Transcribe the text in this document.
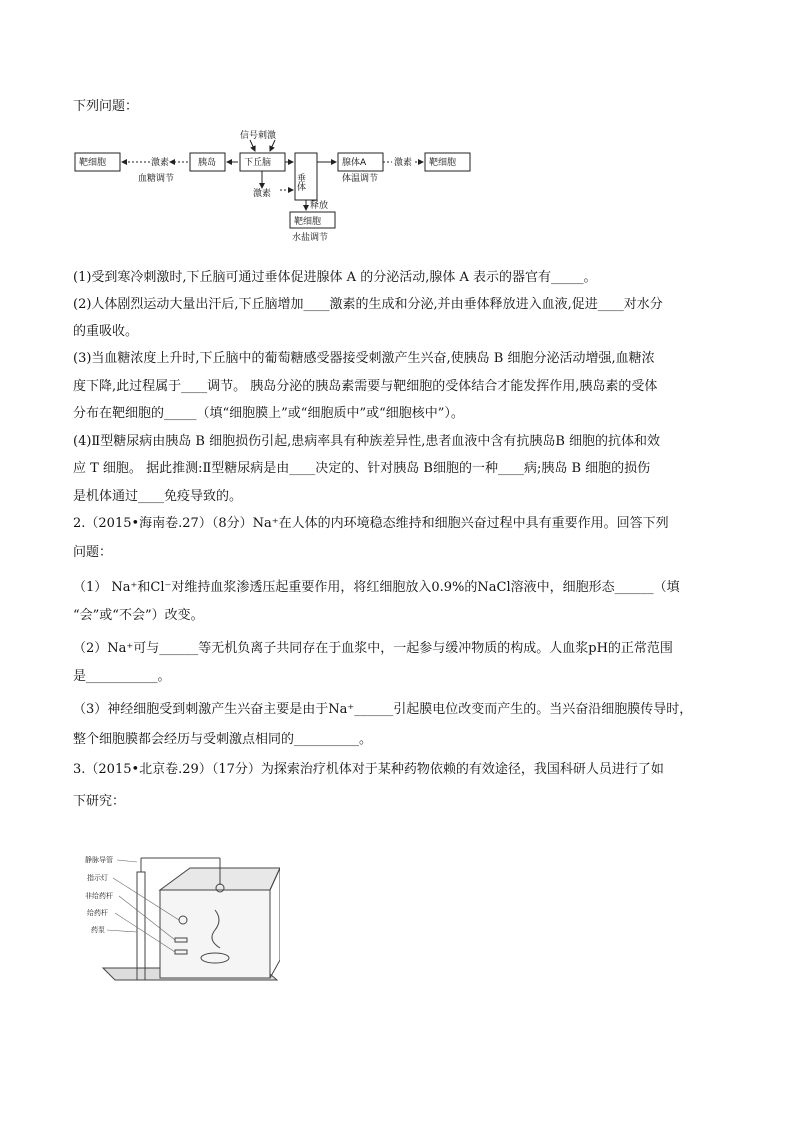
下列问题：
靶细胞	激素
血糖调节
胰岛
信号刺激
下丘脑
激素
垂体
腺体A
体温调节
激素 靶细胞
释放
靶细胞
水盐调节
(1)受到寒冷刺激时,下丘脑可通过垂体促进腺体 A 的分泌活动,腺体 A 表示的器官有_____。
(2)人体剧烈运动大量出汗后,下丘脑增加____激素的生成和分泌,并由垂体释放进入血液,促进____对水分
的重吸收。
(3)当血糖浓度上升时,下丘脑中的葡萄糖感受器接受刺激产生兴奋,使胰岛 B 细胞分泌活动增强,血糖浓
度下降,此过程属于____调节。 胰岛分泌的胰岛素需要与靶细胞的受体结合才能发挥作用,胰岛素的受体
分布在靶细胞的_____（填“细胞膜上”或“细胞质中”或“细胞核中”）。
(4)Ⅱ型糖尿病由胰岛 B 细胞损伤引起,患病率具有种族差异性,患者血液中含有抗胰岛B 细胞的抗体和效
应 T 细胞。 据此推测:Ⅱ型糖尿病是由____决定的、针对胰岛 B细胞的一种____病;胰岛 B 细胞的损伤
是机体通过____免疫导致的。
2.（2015•海南卷.27）（8分）Na⁺在人体的内环境稳态维持和细胞兴奋过程中具有重要作用。回答下列
问题：
（1） Na⁺和Cl⁻对维持血浆渗透压起重要作用，将红细胞放入0.9%的NaCl溶液中，细胞形态______（填
“会”或“不会”）改变。
（2）Na⁺可与______等无机负离子共同存在于血浆中，一起参与缓冲物质的构成。人血浆pH的正常范围
是___________。
（3）神经细胞受到刺激产生兴奋主要是由于Na⁺______引起膜电位改变而产生的。当兴奋沿细胞膜传导时，
整个细胞膜都会经历与受刺激点相同的__________。
3.（2015•北京卷.29）（17分）为探索治疗机体对于某种药物依赖的有效途径，我国科研人员进行了如
下研究：
静脉导管
指示灯
非给药杆
给药杆
药泵
